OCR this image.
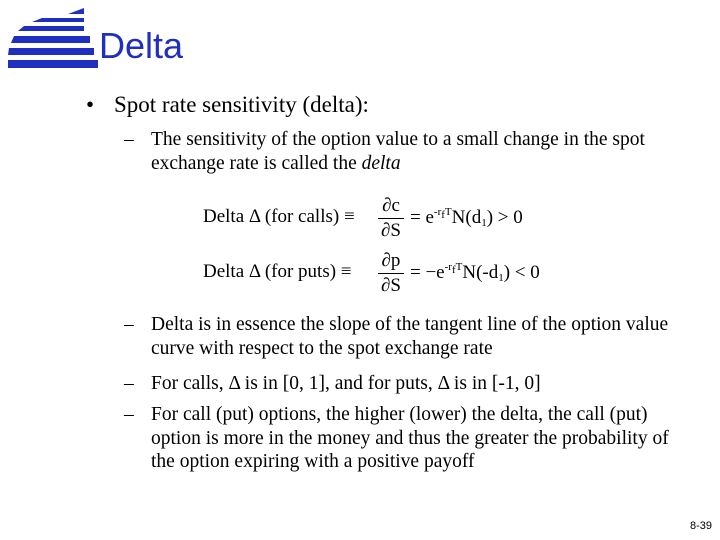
Delta
• Spot rate sensitivity (delta):
– The sensitivity of the option value to a small change in the spot exchange rate is called the delta
Delta Δ (for calls) ≡
∂c
∂S
= $e^{-r_fT}N(d_1) > 0$
Delta Δ (for puts) ≡
∂p
∂S
= $-e^{-r_fT}N(-d_1) < 0$
– Delta is in essence the slope of the tangent line of the option value curve with respect to the spot exchange rate
– For calls, Δ is in [0, 1], and for puts, Δ is in [-1, 0]
– For call (put) options, the higher (lower) the delta, the call (put) option is more in the money and thus the greater the probability of the option expiring with a positive payoff
8-39
